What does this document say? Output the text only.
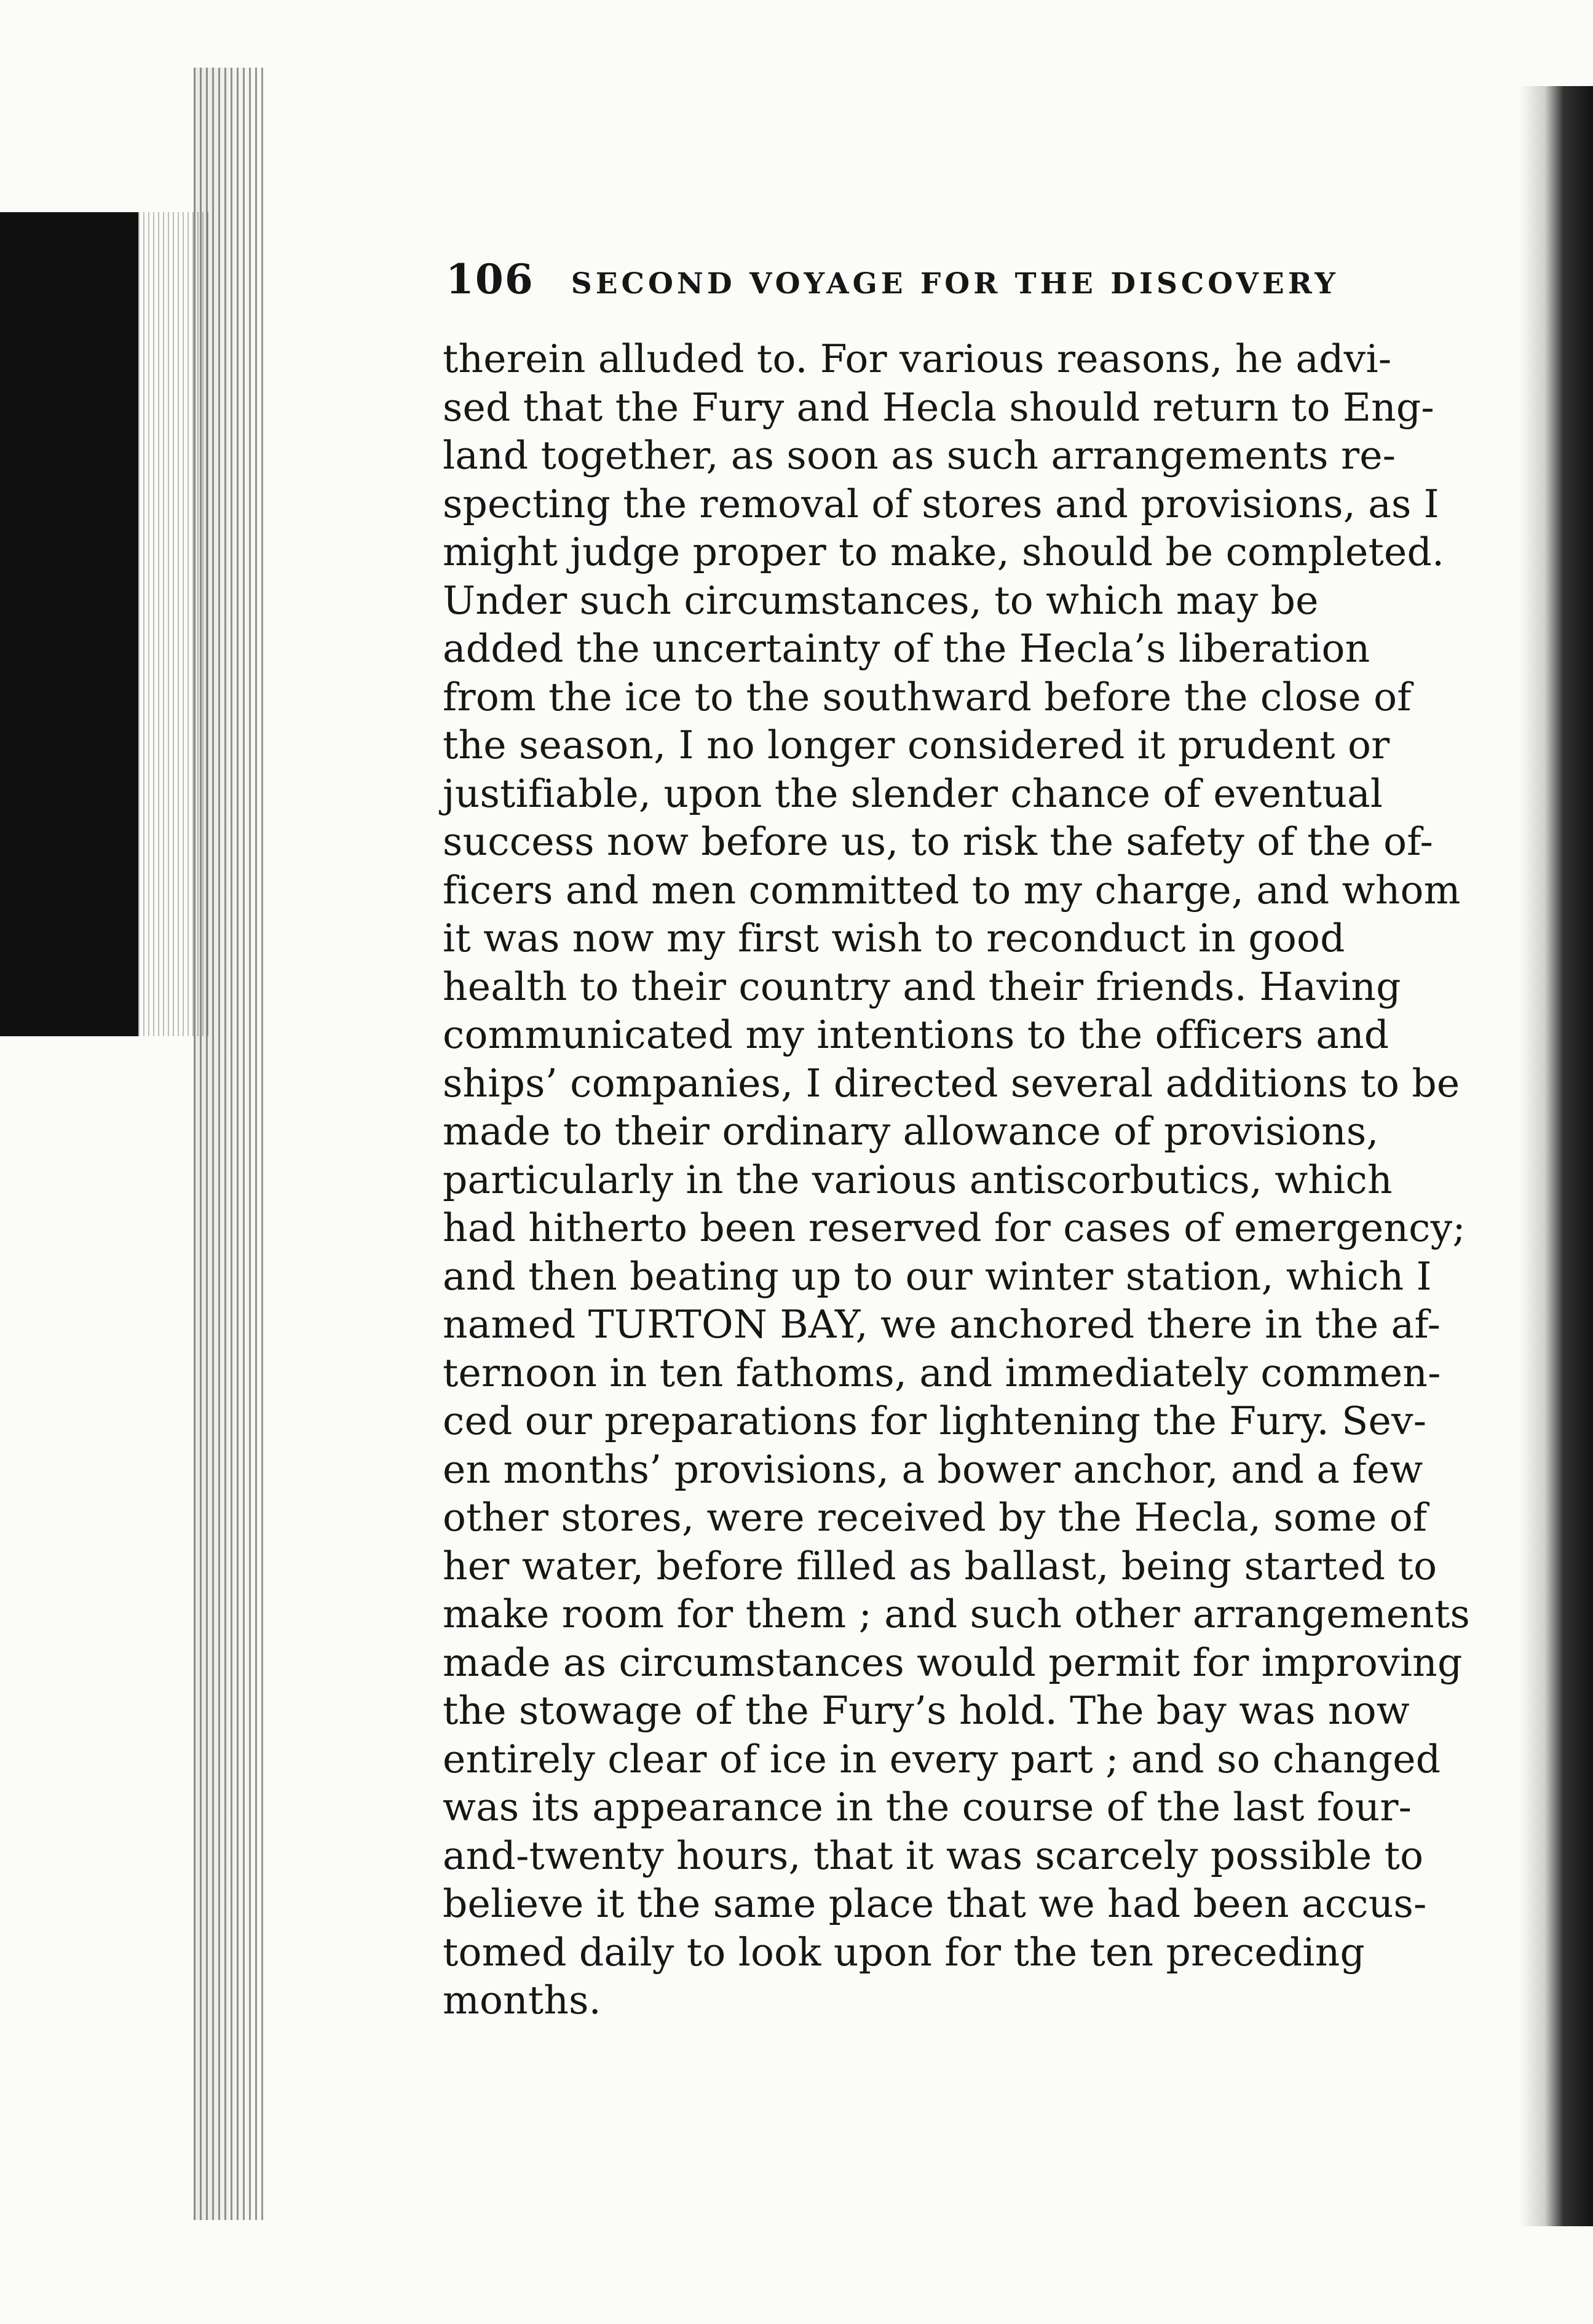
106 SECOND VOYAGE FOR THE DISCOVERY
therein alluded to. For various reasons, he advi-
sed that the Fury and Hecla should return to Eng-
land together, as soon as such arrangements re-
specting the removal of stores and provisions, as I
might judge proper to make, should be completed.
Under such circumstances, to which may be
added the uncertainty of the Hecla’s liberation
from the ice to the southward before the close of
the season, I no longer considered it prudent or
justifiable, upon the slender chance of eventual
success now before us, to risk the safety of the of-
ficers and men committed to my charge, and whom
it was now my first wish to reconduct in good
health to their country and their friends. Having
communicated my intentions to the officers and
ships’ companies, I directed several additions to be
made to their ordinary allowance of provisions,
particularly in the various antiscorbutics, which
had hitherto been reserved for cases of emergency;
and then beating up to our winter station, which I
named TURTON BAY, we anchored there in the af-
ternoon in ten fathoms, and immediately commen-
ced our preparations for lightening the Fury. Sev-
en months’ provisions, a bower anchor, and a few
other stores, were received by the Hecla, some of
her water, before filled as ballast, being started to
make room for them ; and such other arrangements
made as circumstances would permit for improving
the stowage of the Fury’s hold. The bay was now
entirely clear of ice in every part ; and so changed
was its appearance in the course of the last four-
and-twenty hours, that it was scarcely possible to
believe it the same place that we had been accus-
tomed daily to look upon for the ten preceding
months.
